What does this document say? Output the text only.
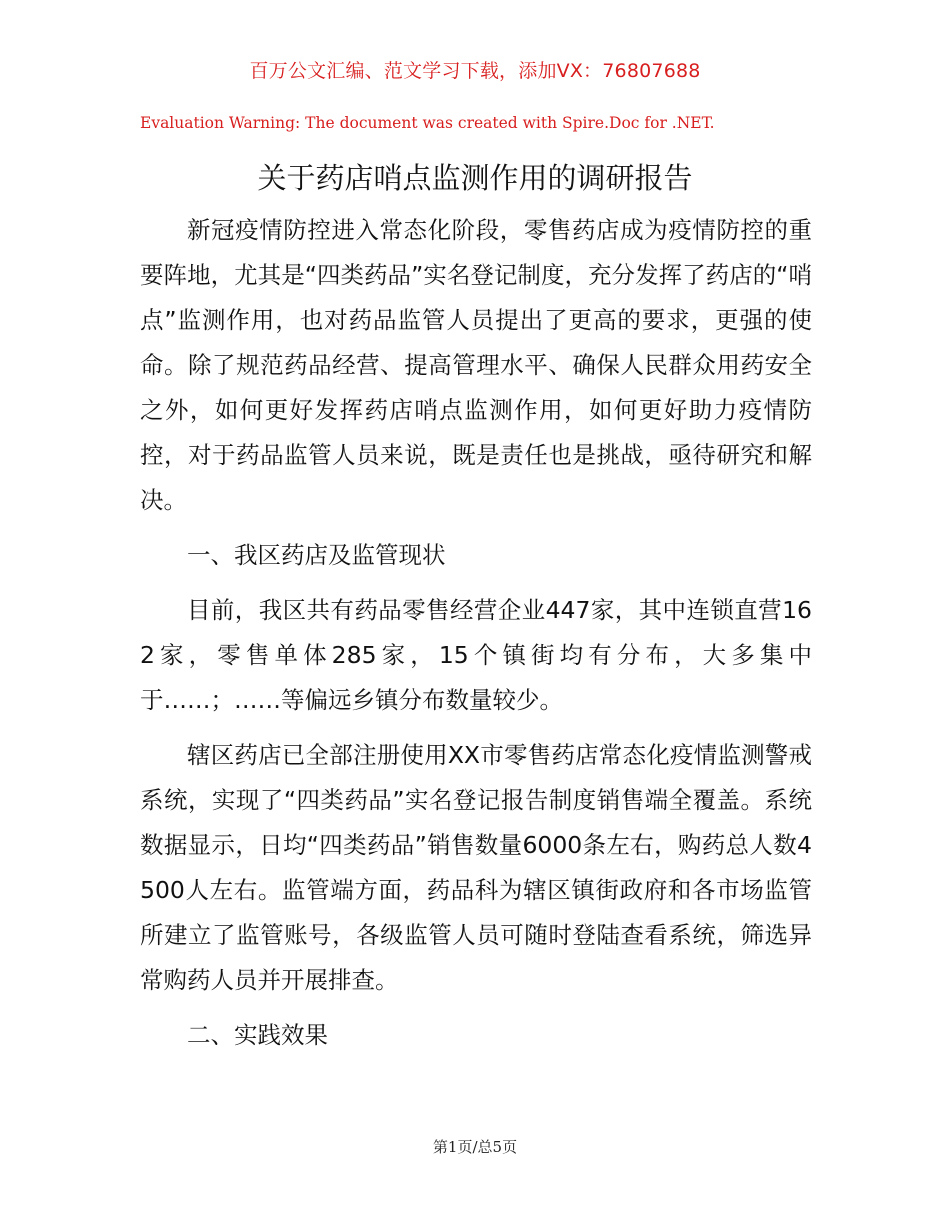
百万公文汇编、范文学习下载，添加VX：76807688
Evaluation Warning: The document was created with Spire.Doc for .NET.
关于药店哨点监测作用的调研报告

新冠疫情防控进入常态化阶段，零售药店成为疫情防控的重要阵地，尤其是“四类药品”实名登记制度，充分发挥了药店的“哨点”监测作用，也对药品监管人员提出了更高的要求，更强的使命。除了规范药品经营、提高管理水平、确保人民群众用药安全之外，如何更好发挥药店哨点监测作用，如何更好助力疫情防控，对于药品监管人员来说，既是责任也是挑战，亟待研究和解决。

一、我区药店及监管现状

目前，我区共有药品零售经营企业447家，其中连锁直营162家，零售单体285家，15个镇街均有分布，大多集中于……；……等偏远乡镇分布数量较少。

辖区药店已全部注册使用XX市零售药店常态化疫情监测警戒系统，实现了“四类药品”实名登记报告制度销售端全覆盖。系统数据显示，日均“四类药品”销售数量6000条左右，购药总人数4500人左右。监管端方面，药品科为辖区镇街政府和各市场监管所建立了监管账号，各级监管人员可随时登陆查看系统，筛选异常购药人员并开展排查。

二、实践效果

第1页/总5页
